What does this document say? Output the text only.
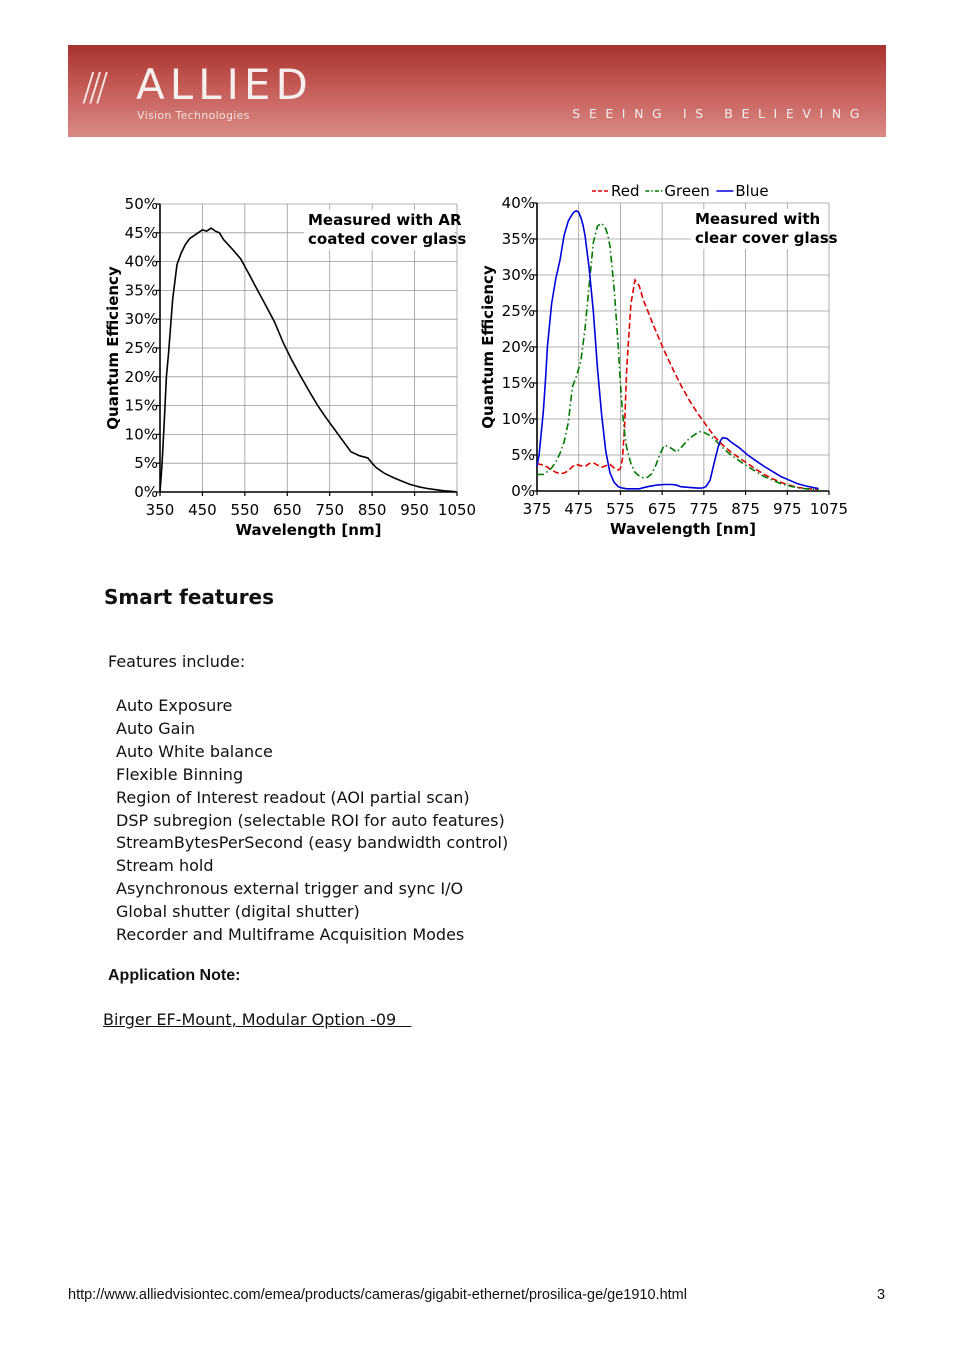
/// ALLIED
Vision Technologies	SEEING IS BELIEVING
0%
5%
10%
15%
20%
25%
30%
35%
40%
45%
50%
350 450 550 650 750 850 950 1050
Wavelength [nm]
Quantum Efficiency
Measured with AR
coated cover glass
0%
5%
10%
15%
20%
25%
30%
35%
40%
375 475 575 675 775 875 975 1075
Wavelength [nm]
Quantum Efficiency
Measured with
clear cover glass
Red Green Blue
Smart features
Features include:
Auto Exposure
Auto Gain
Auto White balance
Flexible Binning
Region of Interest readout (AOI partial scan)
DSP subregion (selectable ROI for auto features)
StreamBytesPerSecond (easy bandwidth control)
Stream hold
Asynchronous external trigger and sync I/O
Global shutter (digital shutter)
Recorder and Multiframe Acquisition Modes
Application Note:
Birger EF-Mount, Modular Option -09
http://www.alliedvisiontec.com/emea/products/cameras/gigabit-ethernet/prosilica-ge/ge1910.html	3
